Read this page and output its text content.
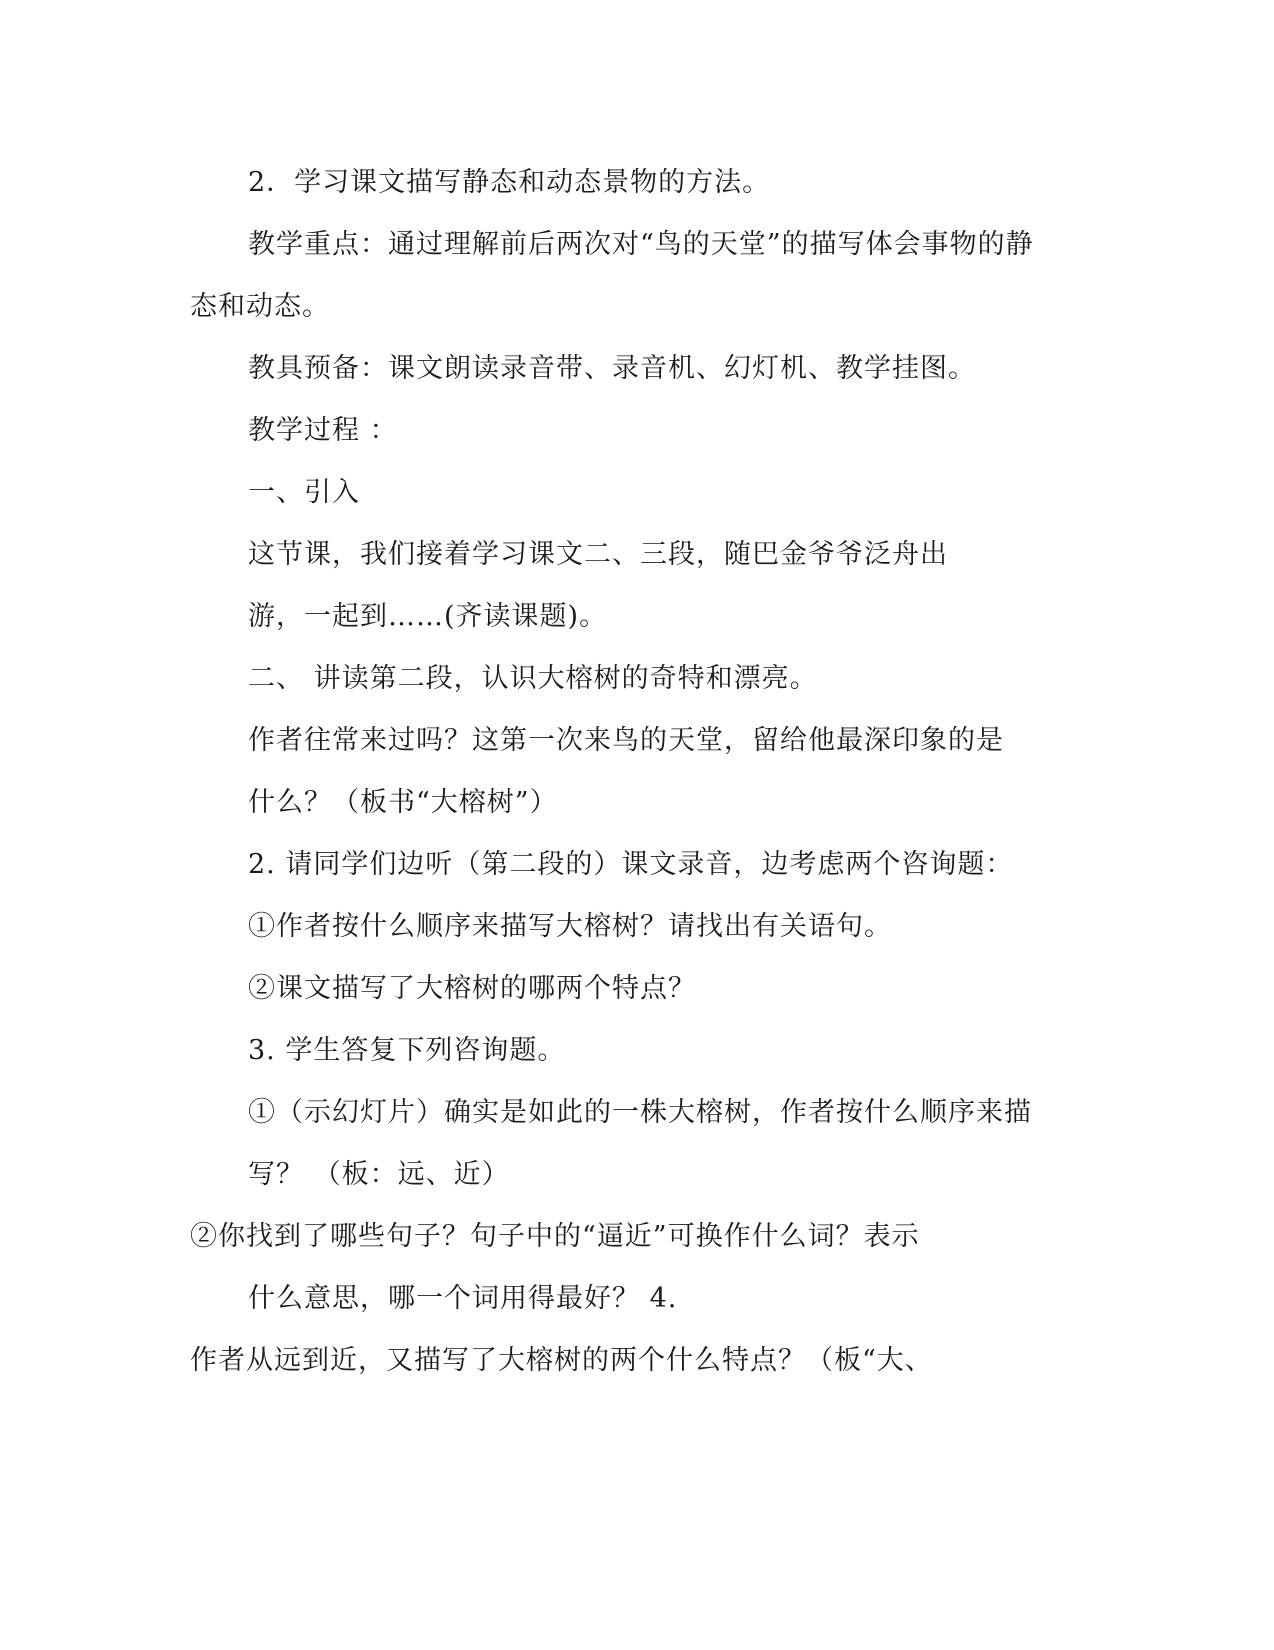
2．学习课文描写静态和动态景物的方法。
教学重点：通过理解前后两次对“鸟的天堂”的描写体会事物的静
态和动态。
教具预备：课文朗读录音带、录音机、幻灯机、教学挂图。
教学过程 ：
一、引入
这节课，我们接着学习课文二、三段，随巴金爷爷泛舟出
游，一起到……(齐读课题)。
二、 讲读第二段，认识大榕树的奇特和漂亮。
作者往常来过吗？这第一次来鸟的天堂，留给他最深印象的是
什么？（板书“大榕树”）
2. 请同学们边听（第二段的）课文录音，边考虑两个咨询题：
①作者按什么顺序来描写大榕树？请找出有关语句。
②课文描写了大榕树的哪两个特点？
3. 学生答复下列咨询题。
①（示幻灯片）确实是如此的一株大榕树，作者按什么顺序来描
写？ （板：远、近）
②你找到了哪些句子？句子中的“逼近”可换作什么词？表示
什么意思，哪一个词用得最好？ 4.
作者从远到近，又描写了大榕树的两个什么特点？（板“大、
